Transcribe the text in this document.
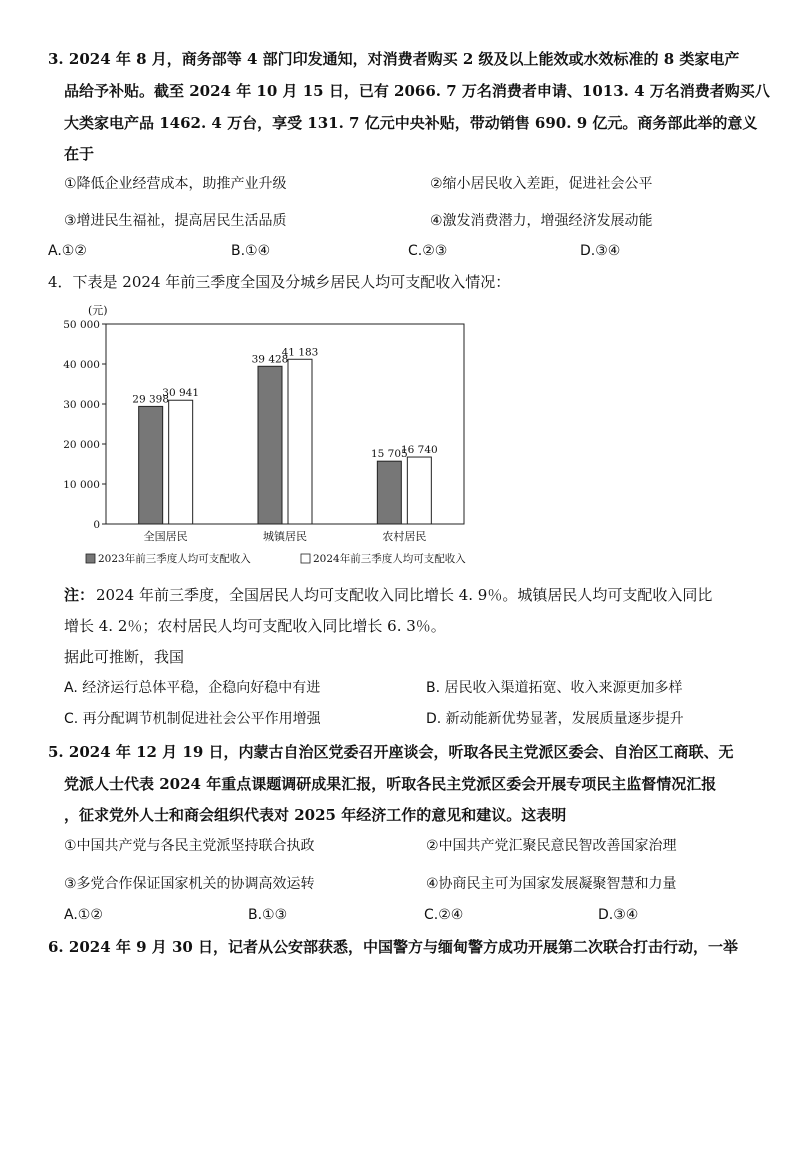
3. 2024 年 8 月，商务部等 4 部门印发通知，对消费者购买 2 级及以上能效或水效标准的 8 类家电产
品给予补贴。截至 2024 年 10 月 15 日，已有 2066. 7 万名消费者申请、1013. 4 万名消费者购买八
大类家电产品 1462. 4 万台，享受 131. 7 亿元中央补贴，带动销售 690. 9 亿元。商务部此举的意义
在于
①降低企业经营成本，助推产业升级	②缩小居民收入差距，促进社会公平
③增进民生福祉，提高居民生活品质	④激发消费潜力，增强经济发展动能
A.①②	B.①④	C.②③	D.③④
4．下表是 2024 年前三季度全国及分城乡居民人均可支配收入情况：
(元)
50 000
40 000
30 000
20 000
10 000
0
29 398
30 941
39 428
41 183
15 705
16 740
全国居民	城镇居民	农村居民
2023年前三季度人均可支配收入	2024年前三季度人均可支配收入
注： 2024 年前三季度，全国居民人均可支配收入同比增长 4. 9％。城镇居民人均可支配收入同比
增长 4. 2％；农村居民人均可支配收入同比增长 6. 3％。
据此可推断，我国
A. 经济运行总体平稳，企稳向好稳中有进	B. 居民收入渠道拓宽、收入来源更加多样
C. 再分配调节机制促进社会公平作用增强	D. 新动能新优势显著，发展质量逐步提升
5. 2024 年 12 月 19 日，内蒙古自治区党委召开座谈会，听取各民主党派区委会、自治区工商联、无
党派人士代表 2024 年重点课题调研成果汇报，听取各民主党派区委会开展专项民主监督情况汇报
，征求党外人士和商会组织代表对 2025 年经济工作的意见和建议。这表明
①中国共产党与各民主党派坚持联合执政	②中国共产党汇聚民意民智改善国家治理
③多党合作保证国家机关的协调高效运转	④协商民主可为国家发展凝聚智慧和力量
A.①②	B.①③	C.②④	D.③④
6. 2024 年 9 月 30 日，记者从公安部获悉，中国警方与缅甸警方成功开展第二次联合打击行动，一举
